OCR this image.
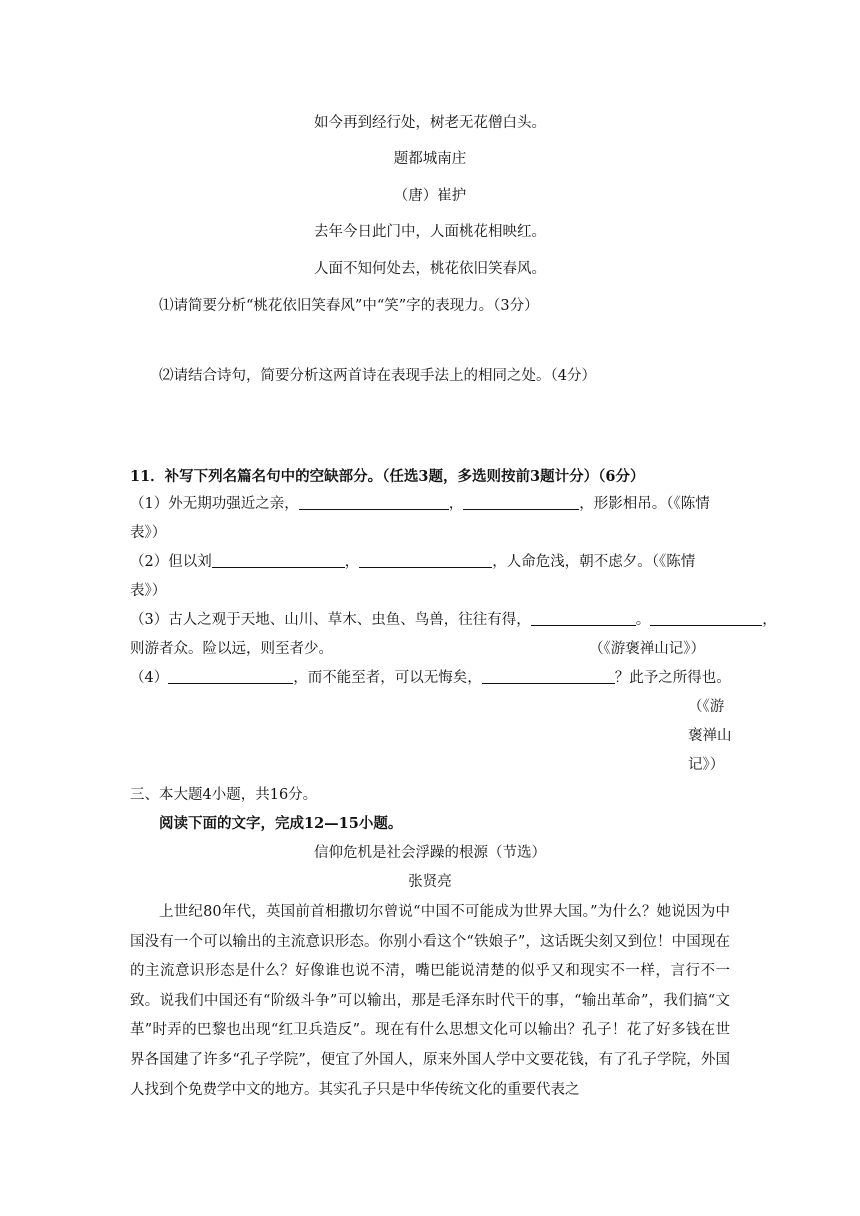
如今再到经行处，树老无花僧白头。
题都城南庄
（唐）崔护
去年今日此门中，人面桃花相映红。
人面不知何处去，桃花依旧笑春风。
⑴请简要分析“桃花依旧笑春风”中“笑”字的表现力。（3分）
⑵请结合诗句，简要分析这两首诗在表现手法上的相同之处。（4分）
11．补写下列名篇名句中的空缺部分。（任选3题，多选则按前3题计分）（6分）
（1）外无期功强近之亲，	，	，形影相吊。（《陈情
表》）
（2）但以刘	，	，人命危浅，朝不虑夕。（《陈情
表》）
（3）古人之观于天地、山川、草木、虫鱼、鸟兽，往往有得，	。	，
则游者众。险以远，则至者少。	（《游褒禅山记》）
（4）	，而不能至者，可以无悔矣，	？此予之所得也。
（《游
褒禅山
记》）
三、本大题4小题，共16分。
阅读下面的文字，完成12—15小题。
信仰危机是社会浮躁的根源（节选）
张贤亮
上世纪80年代，英国前首相撒切尔曾说“中国不可能成为世界大国。”为什么？她说因为中国没有一个可以输出的主流意识形态。你别小看这个“铁娘子”，这话既尖刻又到位！中国现在的主流意识形态是什么？好像谁也说不清，嘴巴能说清楚的似乎又和现实不一样，言行不一致。说我们中国还有“阶级斗争”可以输出，那是毛泽东时代干的事，“输出革命”，我们搞“文革”时弄的巴黎也出现“红卫兵造反”。现在有什么思想文化可以输出？孔子！花了好多钱在世界各国建了许多“孔子学院”，便宜了外国人，原来外国人学中文要花钱，有了孔子学院，外国人找到个免费学中文的地方。其实孔子只是中华传统文化的重要代表之
